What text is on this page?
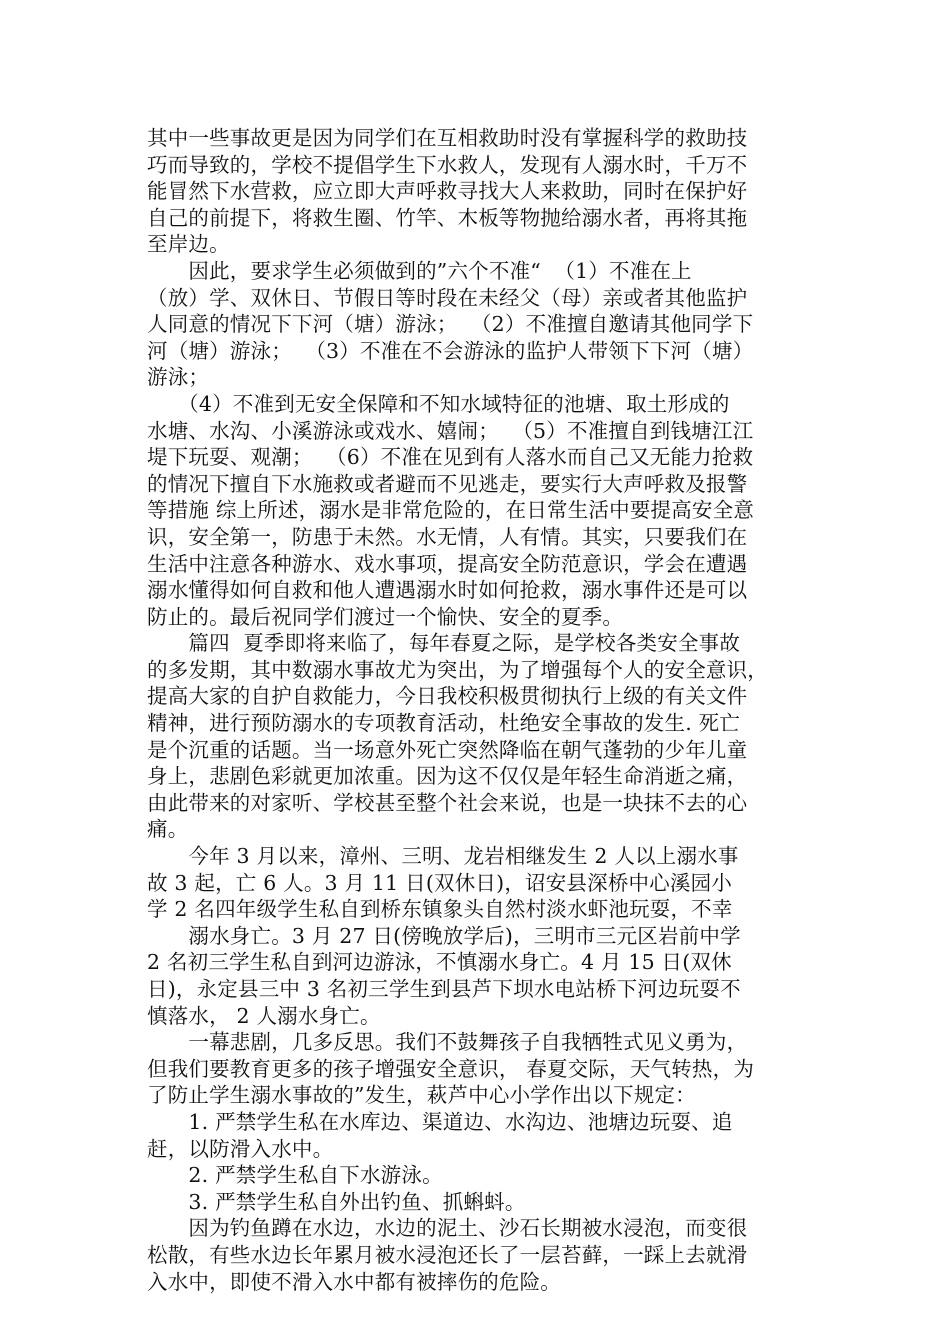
其中一些事故更是因为同学们在互相救助时没有掌握科学的救助技
巧而导致的，学校不提倡学生下水救人，发现有人溺水时，千万不
能冒然下水营救，应立即大声呼救寻找大人来救助，同时在保护好
自己的前提下，将救生圈、竹竿、木板等物抛给溺水者，再将其拖
至岸边。
　　因此，要求学生必须做到的”六个不准“  （1）不准在上
（放）学、双休日、节假日等时段在未经父（母）亲或者其他监护
人同意的情况下下河（塘）游泳；  （2）不准擅自邀请其他同学下
河（塘）游泳；  （3）不准在不会游泳的监护人带领下下河（塘）
游泳；
　　（4）不准到无安全保障和不知水域特征的池塘、取土形成的
水塘、水沟、小溪游泳或戏水、嬉闹；  （5）不准擅自到钱塘江江
堤下玩耍、观潮；  （6）不准在见到有人落水而自己又无能力抢救
的情况下擅自下水施救或者避而不见逃走，要实行大声呼救及报警
等措施 综上所述，溺水是非常危险的，在日常生活中要提高安全意
识，安全第一，防患于未然。水无情，人有情。其实，只要我们在
生活中注意各种游水、戏水事项，提高安全防范意识，学会在遭遇
溺水懂得如何自救和他人遭遇溺水时如何抢救，溺水事件还是可以
防止的。最后祝同学们渡过一个愉快、安全的夏季。
　　篇四  夏季即将来临了，每年春夏之际，是学校各类安全事故
的多发期，其中数溺水事故尤为突出，为了增强每个人的安全意识，
提高大家的自护自救能力，今日我校积极贯彻执行上级的有关文件
精神，进行预防溺水的专项教育活动，杜绝安全事故的发生. 死亡
是个沉重的话题。当一场意外死亡突然降临在朝气蓬勃的少年儿童
身上，悲剧色彩就更加浓重。因为这不仅仅是年轻生命消逝之痛，
由此带来的对家听、学校甚至整个社会来说，也是一块抹不去的心
痛。
　　今年 3 月以来，漳州、三明、龙岩相继发生 2 人以上溺水事
故 3 起，亡 6 人。3 月 11 日(双休日)，诏安县深桥中心溪园小
学 2 名四年级学生私自到桥东镇象头自然村淡水虾池玩耍，不幸
　　溺水身亡。3 月 27 日(傍晚放学后)，三明市三元区岩前中学
2 名初三学生私自到河边游泳，不慎溺水身亡。4 月 15 日(双休
日)，永定县三中 3 名初三学生到县芦下坝水电站桥下河边玩耍不
慎落水， 2 人溺水身亡。
　　一幕悲剧，几多反思。我们不鼓舞孩子自我牺牲式见义勇为，
但我们要教育更多的孩子增强安全意识， 春夏交际，天气转热，为
了防止学生溺水事故的”发生，萩芦中心小学作出以下规定：
　　1. 严禁学生私在水库边、渠道边、水沟边、池塘边玩耍、追
赶，以防滑入水中。
　　2. 严禁学生私自下水游泳。
　　3. 严禁学生私自外出钓鱼、抓蝌蚪。
　　因为钓鱼蹲在水边，水边的泥土、沙石长期被水浸泡，而变很
松散，有些水边长年累月被水浸泡还长了一层苔藓，一踩上去就滑
入水中，即使不滑入水中都有被摔伤的危险。
